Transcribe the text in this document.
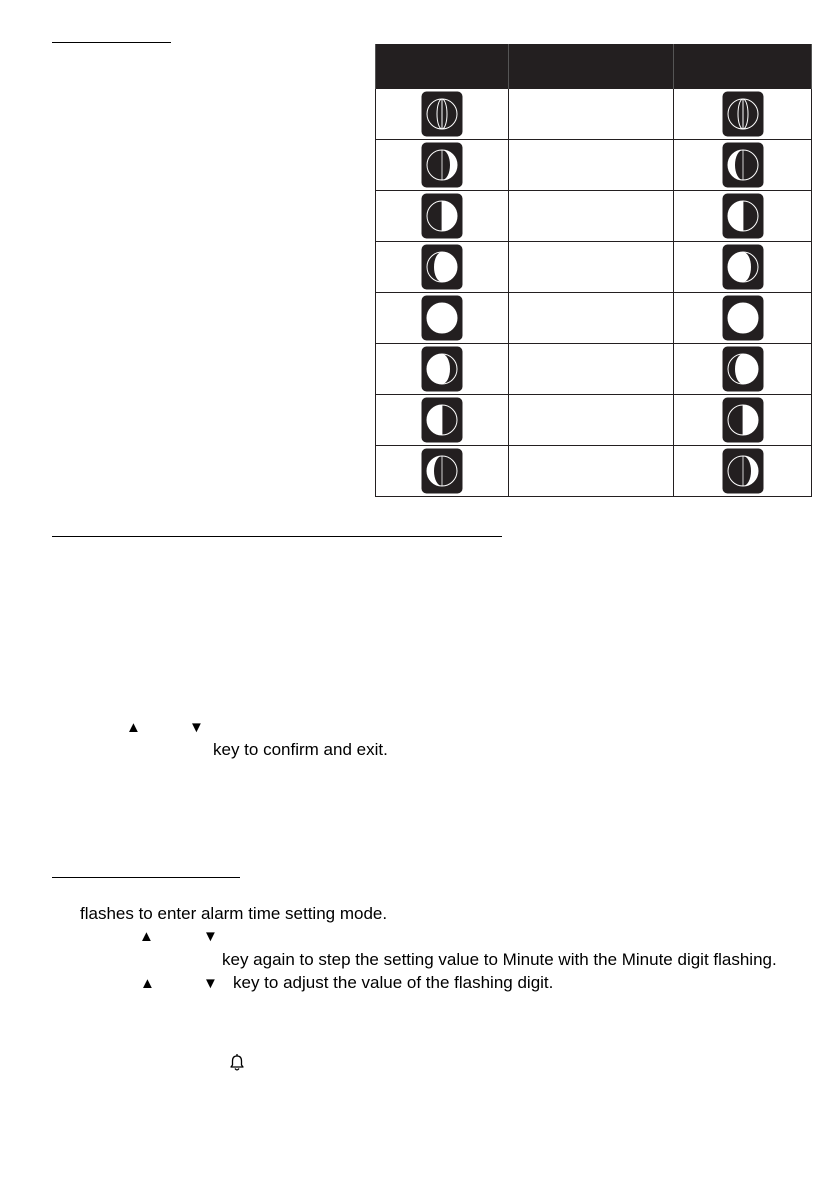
▲	▼
key to confirm and exit.
flashes to enter alarm time setting mode.
▲	▼
key again to step the setting value to Minute with the Minute digit flashing.
▲	▼ key to adjust the value of the flashing digit.
